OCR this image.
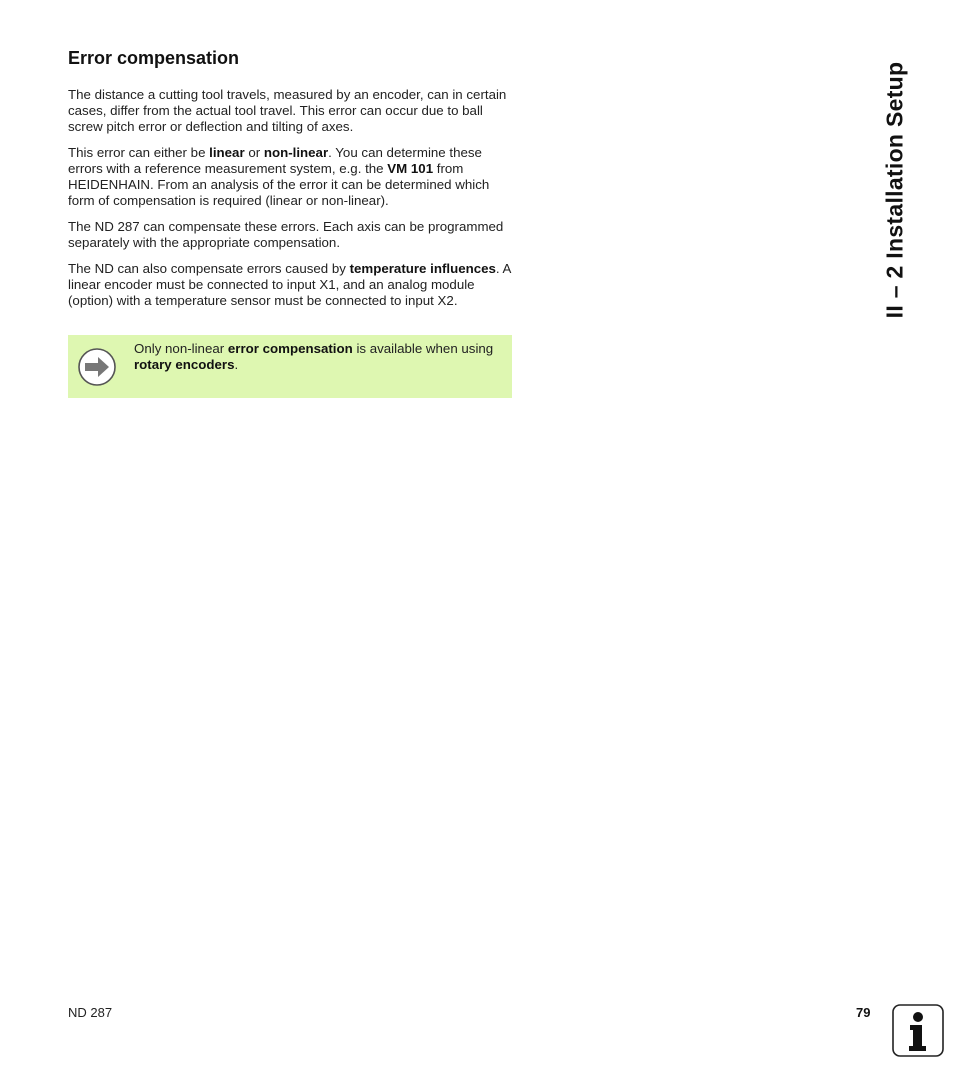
Error compensation

The distance a cutting tool travels, measured by an encoder, can in certain cases, differ from the actual tool travel. This error can occur due to ball screw pitch error or deflection and tilting of axes.

This error can either be linear or non-linear. You can determine these errors with a reference measurement system, e.g. the VM 101 from HEIDENHAIN. From an analysis of the error it can be determined which form of compensation is required (linear or non-linear).

The ND 287 can compensate these errors. Each axis can be programmed separately with the appropriate compensation.

The ND can also compensate errors caused by temperature influences. A linear encoder must be connected to input X1, and an analog module (option) with a temperature sensor must be connected to input X2.

Only non-linear error compensation is available when using rotary encoders.
II – 2 Installation Setup
ND 287	79
